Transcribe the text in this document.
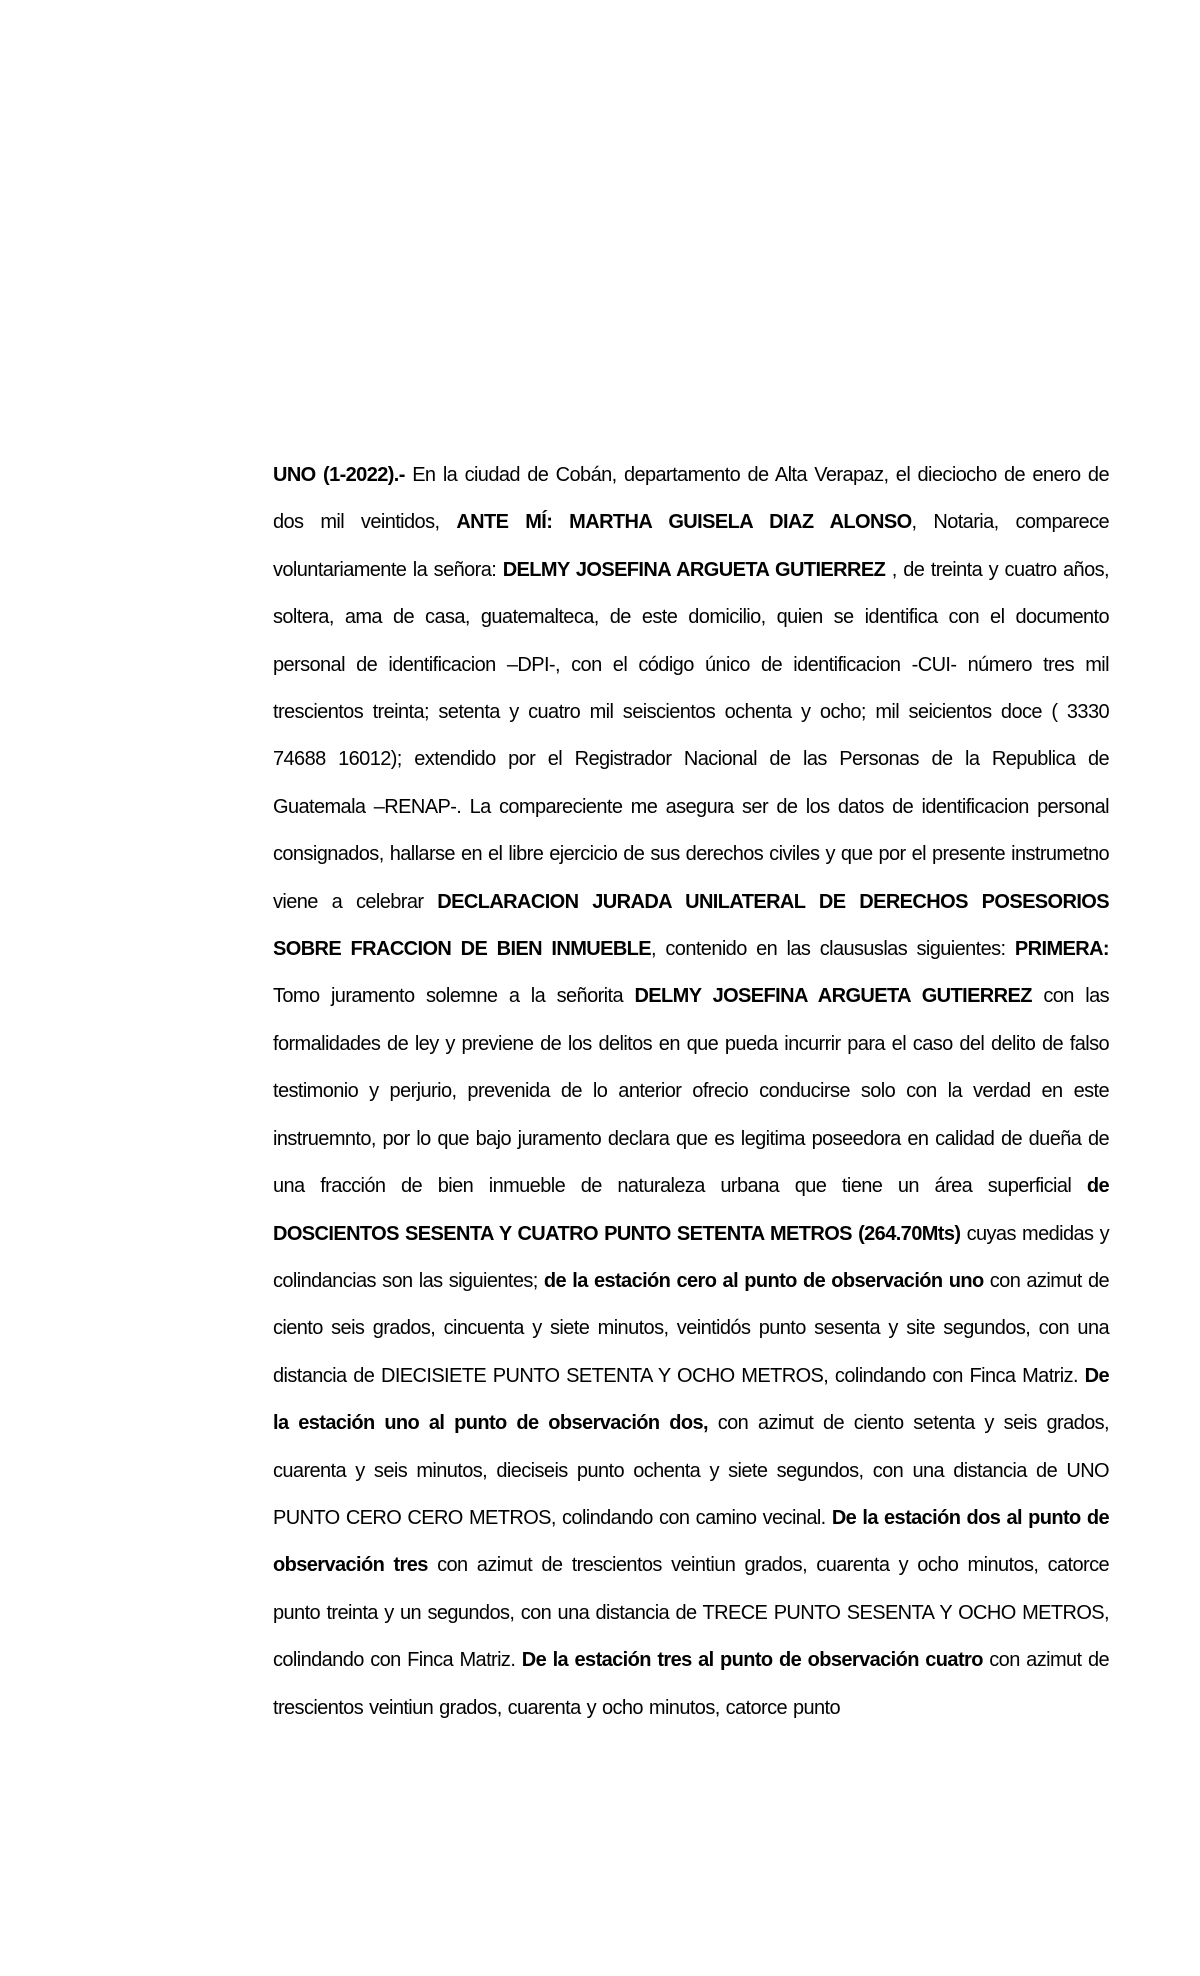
UNO (1-2022).- En la ciudad de Cobán, departamento de Alta Verapaz, el dieciocho de enero de dos mil veintidos, ANTE MÍ: MARTHA GUISELA DIAZ ALONSO, Notaria, comparece voluntariamente la señora: DELMY JOSEFINA ARGUETA GUTIERREZ , de treinta y cuatro años, soltera, ama de casa, guatemalteca, de este domicilio, quien se identifica con el documento personal de identificacion –DPI-, con el código único de identificacion -CUI- número tres mil trescientos treinta; setenta y cuatro mil seiscientos ochenta y ocho; mil seicientos doce ( 3330 74688 16012); extendido por el Registrador Nacional de las Personas de la Republica de Guatemala –RENAP-. La compareciente me asegura ser de los datos de identificacion personal consignados, hallarse en el libre ejercicio de sus derechos civiles y que por el presente instrumetno viene a celebrar DECLARACION JURADA UNILATERAL DE DERECHOS POSESORIOS SOBRE FRACCION DE BIEN INMUEBLE, contenido en las claususlas siguientes: PRIMERA: Tomo juramento solemne a la señorita DELMY JOSEFINA ARGUETA GUTIERREZ con las formalidades de ley y previene de los delitos en que pueda incurrir para el caso del delito de falso testimonio y perjurio, prevenida de lo anterior ofrecio conducirse solo con la verdad en este instruemnto, por lo que bajo juramento declara que es legitima poseedora en calidad de dueña de una fracción de bien inmueble de naturaleza urbana que tiene un área superficial de DOSCIENTOS SESENTA Y CUATRO PUNTO SETENTA METROS (264.70Mts) cuyas medidas y colindancias son las siguientes; de la estación cero al punto de observación uno con azimut de ciento seis grados, cincuenta y siete minutos, veintidós punto sesenta y site segundos, con una distancia de DIECISIETE PUNTO SETENTA Y OCHO METROS, colindando con Finca Matriz. De la estación uno al punto de observación dos, con azimut de ciento setenta y seis grados, cuarenta y seis minutos, dieciseis punto ochenta y siete segundos, con una distancia de UNO PUNTO CERO CERO METROS, colindando con camino vecinal. De la estación dos al punto de observación tres con azimut de trescientos veintiun grados, cuarenta y ocho minutos, catorce punto treinta y un segundos, con una distancia de TRECE PUNTO SESENTA Y OCHO METROS, colindando con Finca Matriz. De la estación tres al punto de observación cuatro con azimut de trescientos veintiun grados, cuarenta y ocho minutos, catorce punto
